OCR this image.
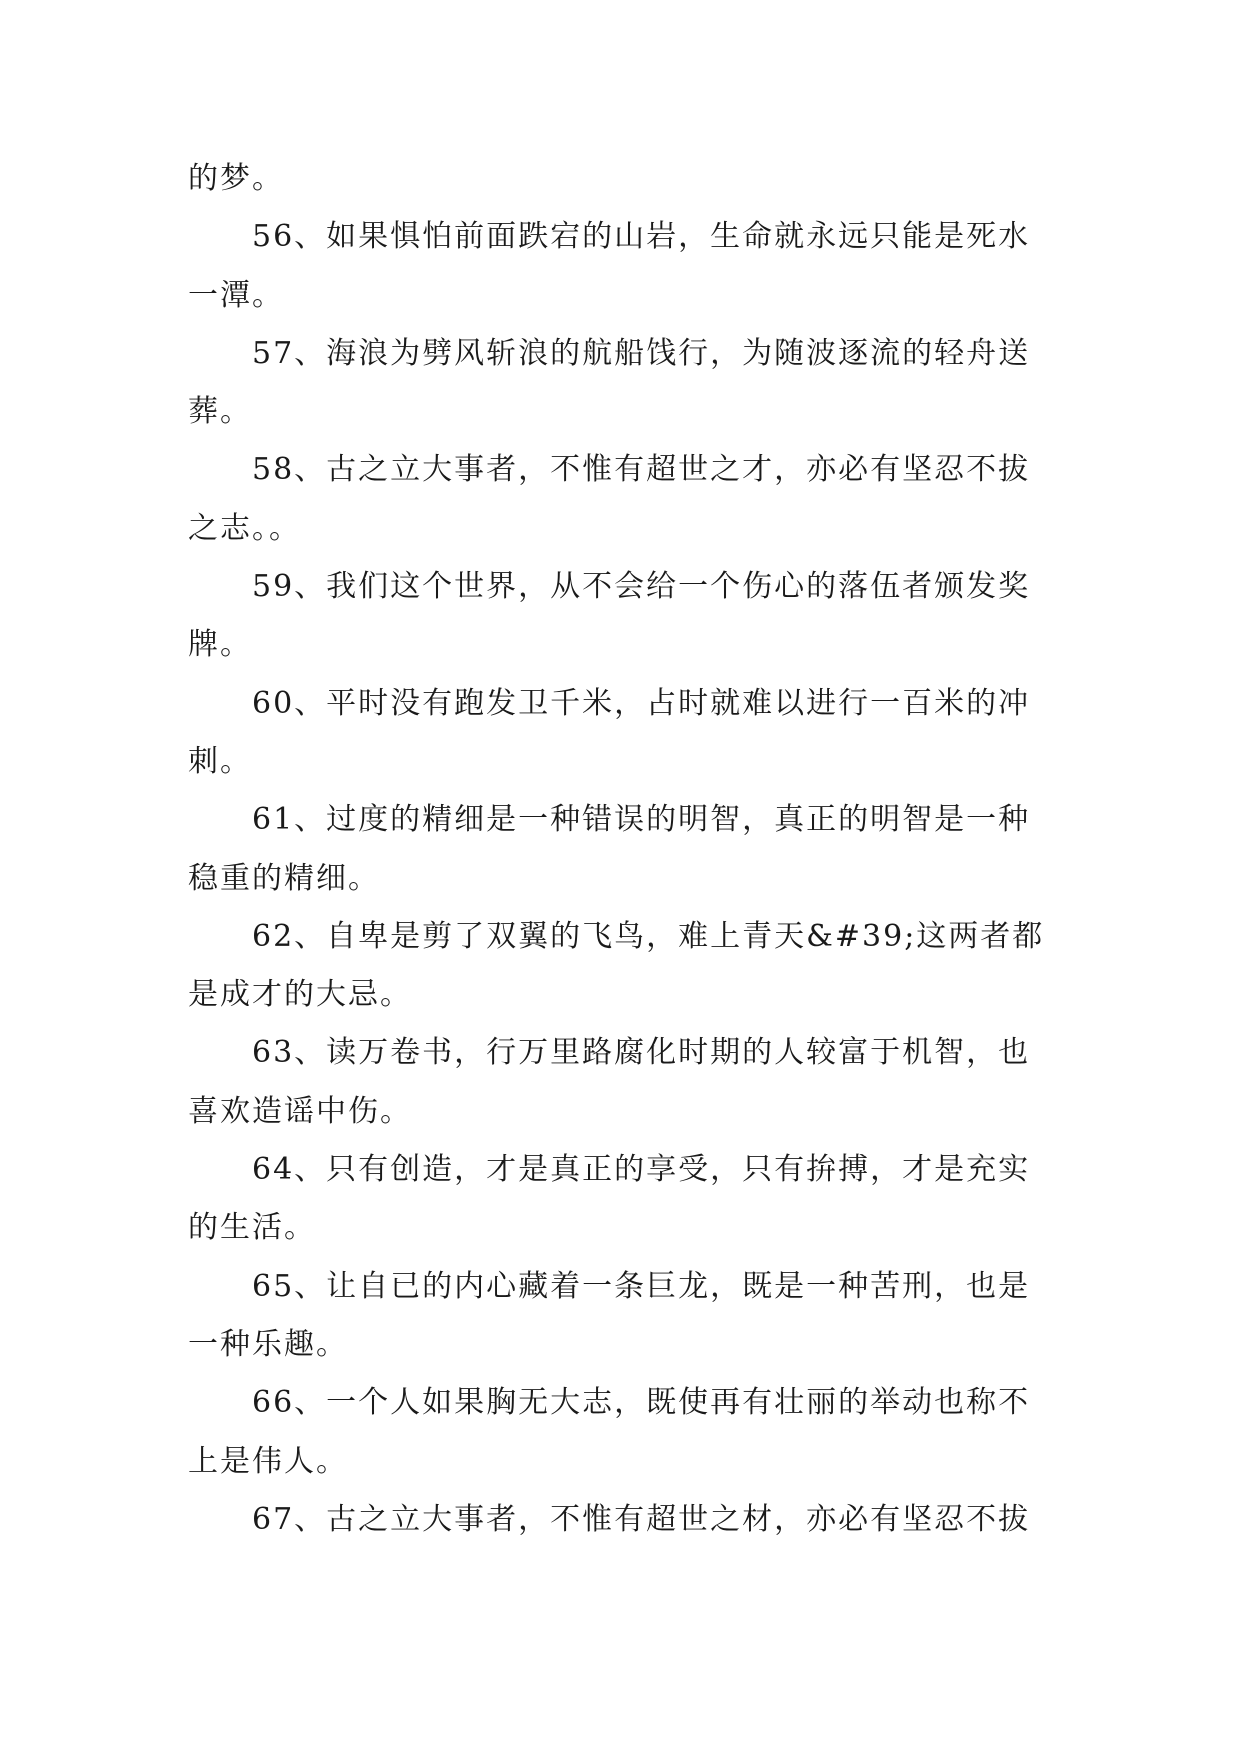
的梦。
56、如果惧怕前面跌宕的山岩，生命就永远只能是死水
一潭。
57、海浪为劈风斩浪的航船饯行，为随波逐流的轻舟送
葬。
58、古之立大事者，不惟有超世之才，亦必有坚忍不拔
之志。。
59、我们这个世界，从不会给一个伤心的落伍者颁发奖
牌。
60、平时没有跑发卫千米，占时就难以进行一百米的冲
刺。
61、过度的精细是一种错误的明智，真正的明智是一种
稳重的精细。
62、自卑是剪了双翼的飞鸟，难上青天&#39;这两者都
是成才的大忌。
63、读万卷书，行万里路腐化时期的人较富于机智，也
喜欢造谣中伤。
64、只有创造，才是真正的享受，只有拚搏，才是充实
的生活。
65、让自已的内心藏着一条巨龙，既是一种苦刑，也是
一种乐趣。
66、一个人如果胸无大志，既使再有壮丽的举动也称不
上是伟人。
67、古之立大事者，不惟有超世之材，亦必有坚忍不拔
